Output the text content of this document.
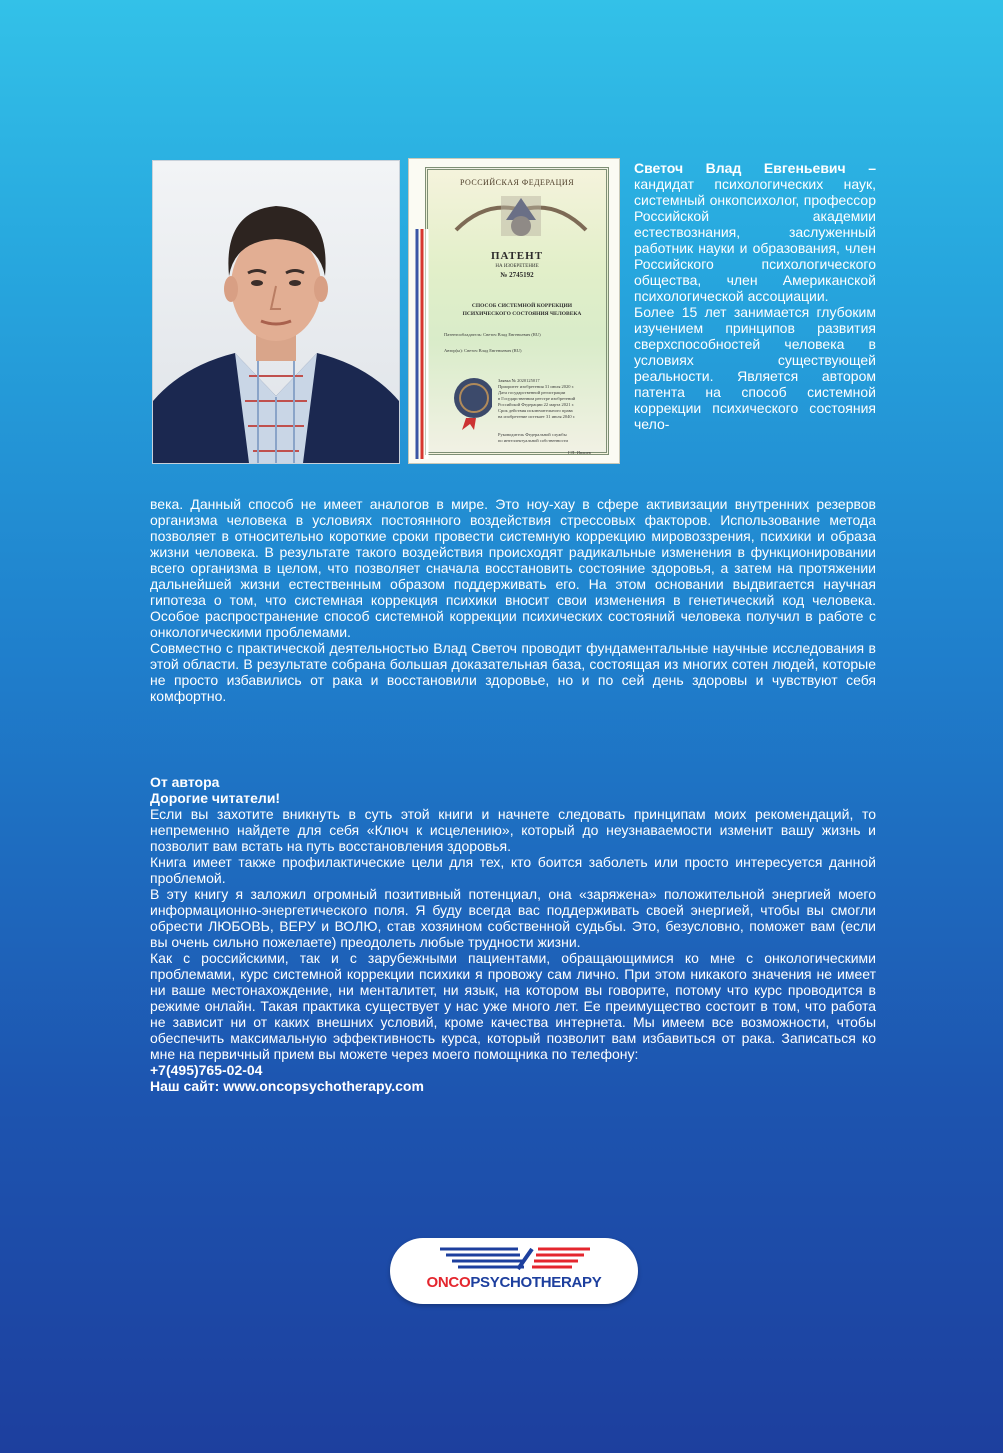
РОССИЙСКАЯ ФЕДЕРАЦИЯ
ПАТЕНТ
НА ИЗОБРЕТЕНИЕ
№ 2745192
СПОСОБ СИСТЕМНОЙ КОРРЕКЦИИ ПСИХИЧЕСКОГО СОСТОЯНИЯ ЧЕЛОВЕКА
Патентообладатель: Светоч Влад Евгеньевич (RU)
Автор(ы): Светоч Влад Евгеньевич (RU)
Заявка № 2020125017
Приоритет изобретения 31 июля 2020 г.
Дата государственной регистрации
в Государственном реестре изобретений
Российской Федерации 22 марта 2021 г.
Срок действия исключительного права
на изобретение истекает 31 июля 2040 г.
Руководитель Федеральной службы
по интеллектуальной собственности
Г.П. Ивлиев

Светоч Влад Евгеньевич – кандидат психологических наук, системный онкопсихолог, профессор Российской академии естествознания, заслуженный работник науки и образования, член Российского психологического общества, член Американской психологической ассоциации.

Более 15 лет занимается глубоким изучением принципов развития сверхспособностей человека в условиях существующей реальности. Является автором патента на способ системной коррекции психического состояния чело-

века. Данный способ не имеет аналогов в мире. Это ноу-хау в сфере активизации внутренних резервов организма человека в условиях постоянного воздействия стрессовых факторов. Использование метода позволяет в относительно короткие сроки провести системную коррекцию мировоззрения, психики и образа жизни человека. В результате такого воздействия происходят радикальные изменения в функционировании всего организма в целом, что позволяет сначала восстановить состояние здоровья, а затем на протяжении дальнейшей жизни естественным образом поддерживать его. На этом основании выдвигается научная гипотеза о том, что системная коррекция психики вносит свои изменения в генетический код человека. Особое распространение способ системной коррекции психических состояний человека получил в работе с онкологическими проблемами.

Совместно с практической деятельностью Влад Светоч проводит фундаментальные научные исследования в этой области. В результате собрана большая доказательная база, состоящая из многих сотен людей, которые не просто избавились от рака и восстановили здоровье, но и по сей день здоровы и чувствуют себя комфортно.

От автора

Дорогие читатели!

Если вы захотите вникнуть в суть этой книги и начнете следовать принципам моих рекомендаций, то непременно найдете для себя «Ключ к исцелению», который до неузнаваемости изменит вашу жизнь и позволит вам встать на путь восстановления здоровья.

Книга имеет также профилактические цели для тех, кто боится заболеть или просто интересуется данной проблемой.

В эту книгу я заложил огромный позитивный потенциал, она «заряжена» положительной энергией моего информационно-энергетического поля. Я буду всегда вас поддерживать своей энергией, чтобы вы смогли обрести ЛЮБОВЬ, ВЕРУ и ВОЛЮ, став хозяином собственной судьбы. Это, безусловно, поможет вам (если вы очень сильно пожелаете) преодолеть любые трудности жизни.

Как с российскими, так и с зарубежными пациентами, обращающимися ко мне с онкологическими проблемами, курс системной коррекции психики я провожу сам лично. При этом никакого значения не имеет ни ваше местонахождение, ни менталитет, ни язык, на котором вы говорите, потому что курс проводится в режиме онлайн. Такая практика существует у нас уже много лет. Ее преимущество состоит в том, что работа не зависит ни от каких внешних условий, кроме качества интернета. Мы имеем все возможности, чтобы обеспечить максимальную эффективность курса, который позволит вам избавиться от рака. Записаться ко мне на первичный прием вы можете через моего помощника по телефону:

+7(495)765-02-04

Наш сайт: www.oncopsychotherapy.com

ONCOPSYCHOTHERAPY
